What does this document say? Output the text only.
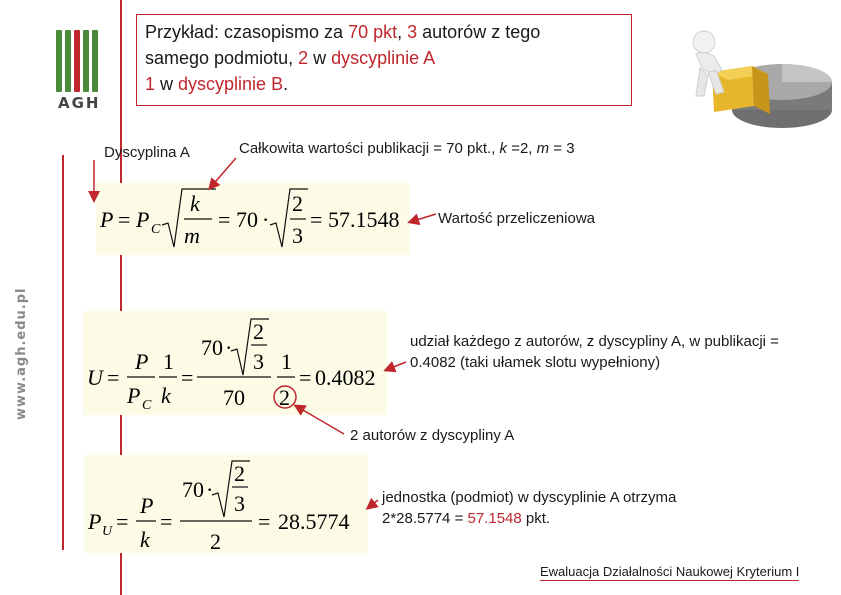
AGH
www.agh.edu.pl
Przykład: czasopismo za 70 pkt, 3 autorów z tego
samego podmiotu, 2 w dyscyplinie A
1 w dyscyplinie B.
Dyscyplina A	Całkowita wartości publikacji = 70 pkt., k =2, m = 3
Wartość przeliczeniowa
udział każdego z autorów, z dyscypliny A, w publikacji = 0.4082 (taki ułamek slotu wypełniony)
2 autorów z dyscypliny A
jednostka (podmiot) w dyscyplinie A otrzyma
2*28.5774 = 57.1548 pkt.
Ewaluacja Działalności Naukowej Kryterium I
P = P C
k
m
= 70 ·
2
3
= 57.1548
U =
P
P C
1
k
=
70 ·
2
3
70
1
2
= 0.4082
P U =
P
k
=
70 ·
2
3
2
= 28.5774
